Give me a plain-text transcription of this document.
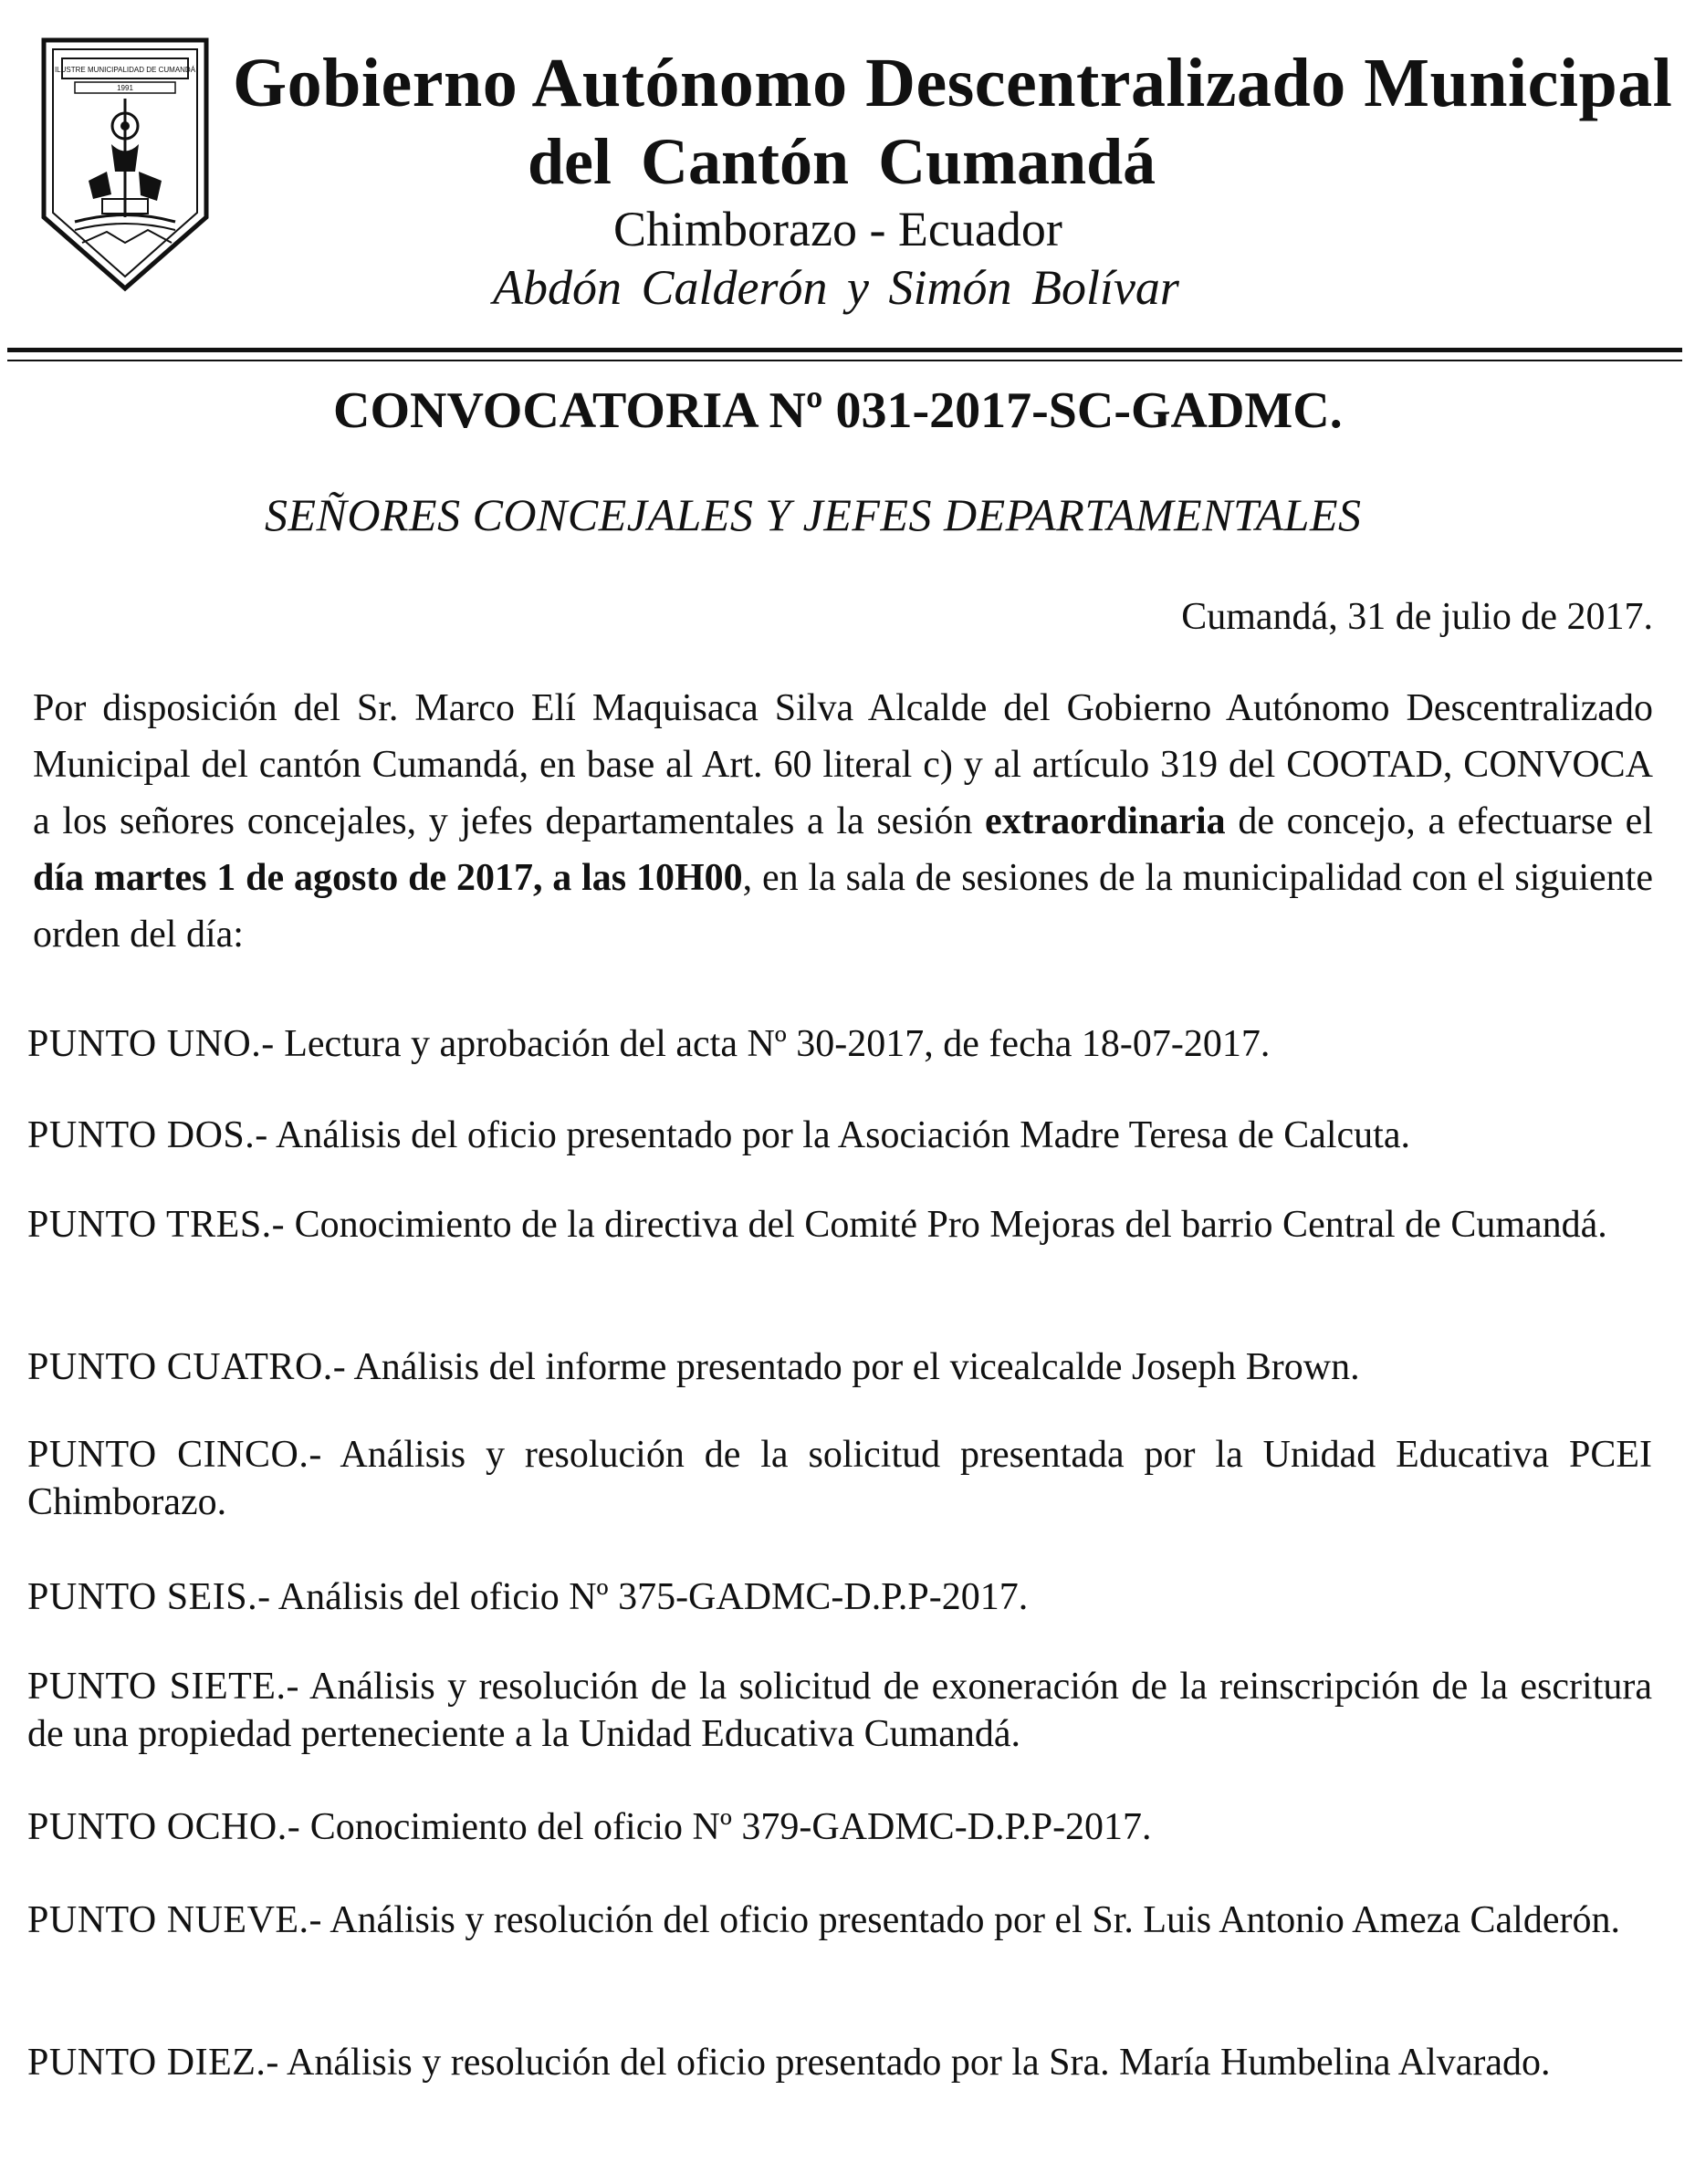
ILUSTRE MUNICIPALIDAD DE CUMANDÁ
1991 Gobierno Autónomo Descentralizado Municipal
del Cantón Cumandá
Chimborazo - Ecuador
Abdón Calderón y Simón Bolívar
CONVOCATORIA Nº 031-2017-SC-GADMC.
SEÑORES CONCEJALES Y JEFES DEPARTAMENTALES
Cumandá, 31 de julio de 2017.
Por disposición del Sr. Marco Elí Maquisaca Silva Alcalde del Gobierno Autónomo Descentralizado Municipal del cantón Cumandá, en base al Art. 60 literal c) y al artículo 319 del COOTAD, CONVOCA a los señores concejales, y jefes departamentales a la sesión extraordinaria de concejo, a efectuarse el día martes 1 de agosto de 2017, a las 10H00, en la sala de sesiones de la municipalidad con el siguiente orden del día:
PUNTO UNO.- Lectura y aprobación del acta Nº 30-2017, de fecha 18-07-2017.
PUNTO DOS.- Análisis del oficio presentado por la Asociación Madre Teresa de Calcuta.
PUNTO TRES.- Conocimiento de la directiva del Comité Pro Mejoras del barrio Central de Cumandá.
PUNTO CUATRO.- Análisis del informe presentado por el vicealcalde Joseph Brown.
PUNTO CINCO.- Análisis y resolución de la solicitud presentada por la Unidad Educativa PCEI Chimborazo.
PUNTO SEIS.- Análisis del oficio Nº 375-GADMC-D.P.P-2017.
PUNTO SIETE.- Análisis y resolución de la solicitud de exoneración de la reinscripción de la escritura de una propiedad perteneciente a la Unidad Educativa Cumandá.
PUNTO OCHO.- Conocimiento del oficio Nº 379-GADMC-D.P.P-2017.
PUNTO NUEVE.- Análisis y resolución del oficio presentado por el Sr. Luis Antonio Ameza Calderón.
PUNTO DIEZ.- Análisis y resolución del oficio presentado por la Sra. María Humbelina Alvarado.
